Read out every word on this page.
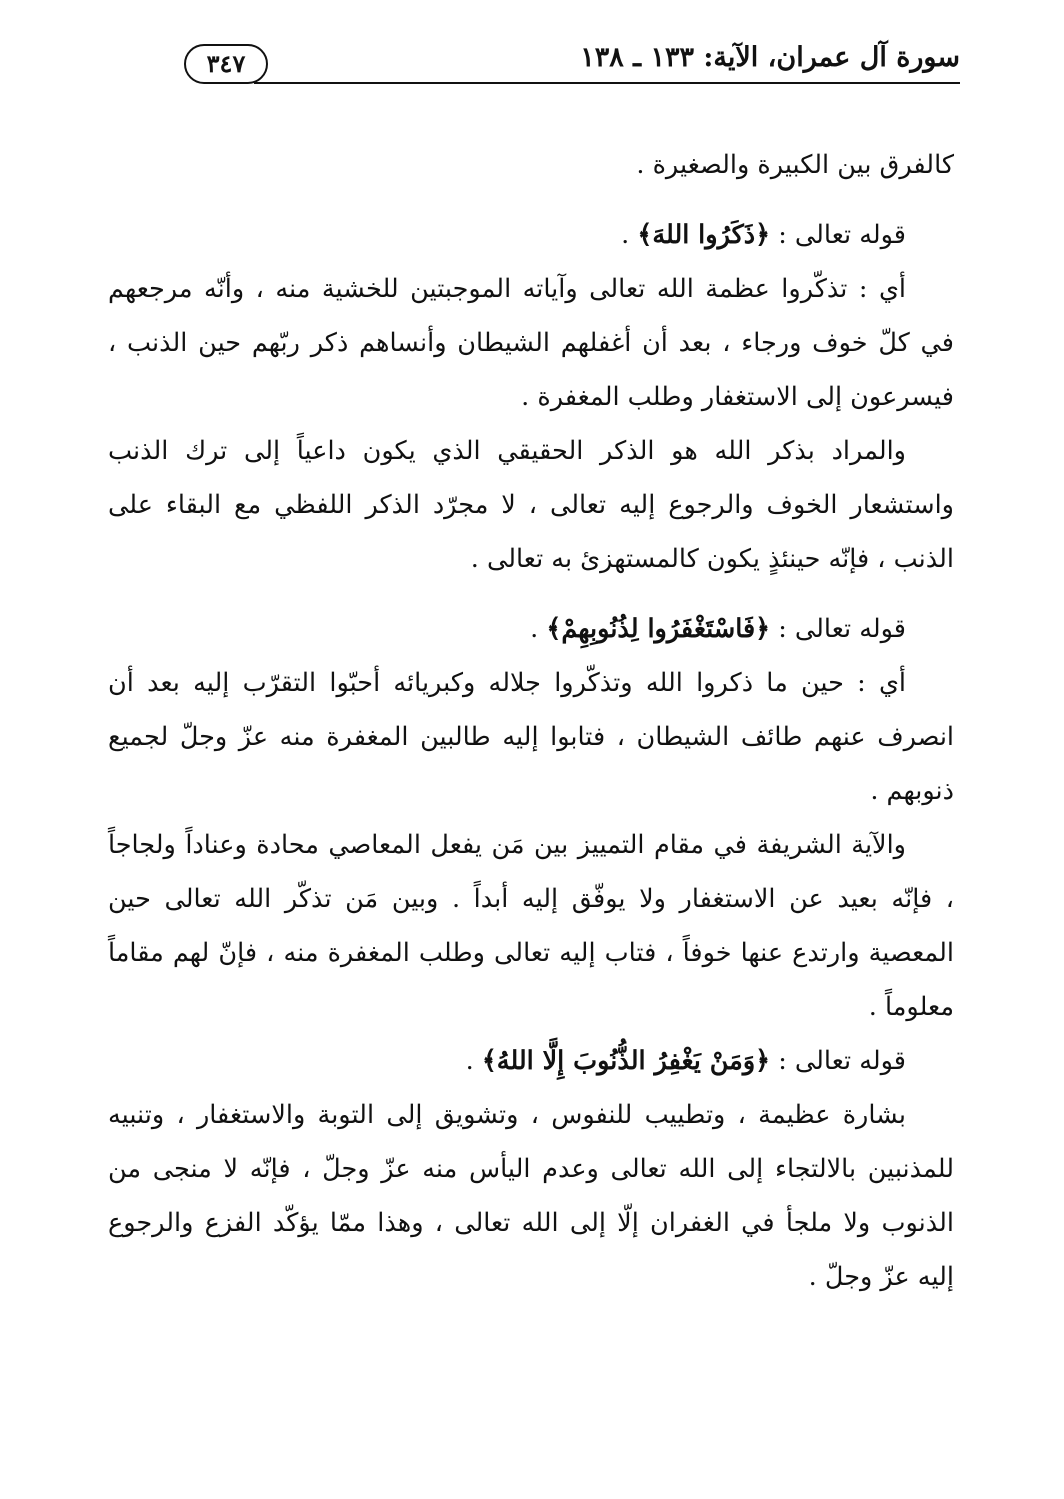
سورة آل عمران، الآية: ١٣٣ ـ ١٣٨
٣٤٧

كالفرق بين الكبيرة والصغيرة .

قوله تعالى : ﴿ذَكَرُوا اللهَ﴾ .

أي : تذكّروا عظمة الله تعالى وآياته الموجبتين للخشية منه ، وأنّه مرجعهم في كلّ خوف ورجاء ، بعد أن أغفلهم الشيطان وأنساهم ذكر ربّهم حين الذنب ، فيسرعون إلى الاستغفار وطلب المغفرة .

والمراد بذكر الله هو الذكر الحقيقي الذي يكون داعياً إلى ترك الذنب واستشعار الخوف والرجوع إليه تعالى ، لا مجرّد الذكر اللفظي مع البقاء على الذنب ، فإنّه حينئذٍ يكون كالمستهزئ به تعالى .

قوله تعالى : ﴿فَاسْتَغْفَرُوا لِذُنُوبِهِمْ﴾ .

أي : حين ما ذكروا الله وتذكّروا جلاله وكبريائه أحبّوا التقرّب إليه بعد أن انصرف عنهم طائف الشيطان ، فتابوا إليه طالبين المغفرة منه عزّ وجلّ لجميع ذنوبهم .

والآية الشريفة في مقام التمييز بين مَن يفعل المعاصي محادة وعناداً ولجاجاً ، فإنّه بعيد عن الاستغفار ولا يوفّق إليه أبداً . وبين مَن تذكّر الله تعالى حين المعصية وارتدع عنها خوفاً ، فتاب إليه تعالى وطلب المغفرة منه ، فإنّ لهم مقاماً معلوماً .

قوله تعالى : ﴿وَمَنْ يَغْفِرُ الذُّنُوبَ إِلَّا اللهُ﴾ .

بشارة عظيمة ، وتطييب للنفوس ، وتشويق إلى التوبة والاستغفار ، وتنبيه للمذنبين بالالتجاء إلى الله تعالى وعدم اليأس منه عزّ وجلّ ، فإنّه لا منجى من الذنوب ولا ملجأ في الغفران إلّا إلى الله تعالى ، وهذا ممّا يؤكّد الفزع والرجوع إليه عزّ وجلّ .
